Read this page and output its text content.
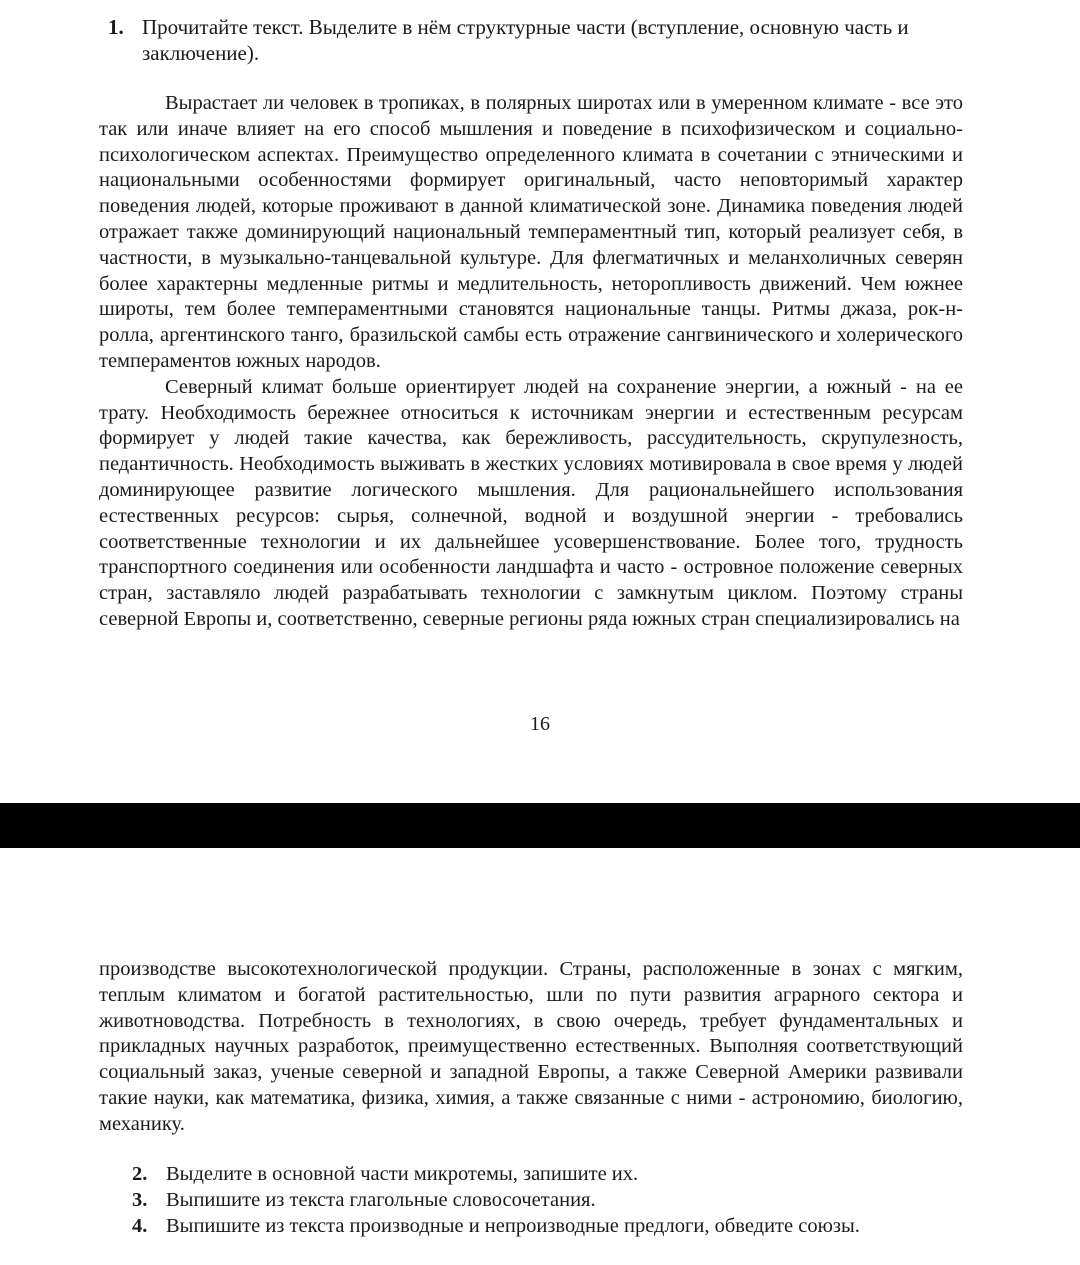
1. Прочитайте текст. Выделите в нём структурные части (вступление, основную часть и заключение).

Вырастает ли человек в тропиках, в полярных широтах или в умеренном климате - все это так или иначе влияет на его способ мышления и поведение в психофизическом и социально-психологическом аспектах. Преимущество определенного климата в сочетании с этническими и национальными особенностями формирует оригинальный, часто неповторимый характер поведения людей, которые проживают в данной климатической зоне. Динамика поведения людей отражает также доминирующий национальный темпераментный тип, который реализует себя, в частности, в музыкально-танцевальной культуре. Для флегматичных и меланхоличных северян более характерны медленные ритмы и медлительность, неторопливость движений. Чем южнее широты, тем более темпераментными становятся национальные танцы. Ритмы джаза, рок-н-ролла, аргентинского танго, бразильской самбы есть отражение сангвинического и холерического темпераментов южных народов.

Северный климат больше ориентирует людей на сохранение энергии, а южный - на ее трату. Необходимость бережнее относиться к источникам энергии и естественным ресурсам формирует у людей такие качества, как бережливость, рассудительность, скрупулезность, педантичность. Необходимость выживать в жестких условиях мотивировала в свое время у людей доминирующее развитие логического мышления. Для рациональнейшего использования естественных ресурсов: сырья, солнечной, водной и воздушной энергии - требовались соответственные технологии и их дальнейшее усовершенствование. Более того, трудность транспортного соединения или особенности ландшафта и часто - островное положение северных стран, заставляло людей разрабатывать технологии с замкнутым циклом. Поэтому страны северной Европы и, соответственно, северные регионы ряда южных стран специализировались на

16

производстве высокотехнологической продукции. Страны, расположенные в зонах с мягким, теплым климатом и богатой растительностью, шли по пути развития аграрного сектора и животноводства. Потребность в технологиях, в свою очередь, требует фундаментальных и прикладных научных разработок, преимущественно естественных. Выполняя соответствующий социальный заказ, ученые северной и западной Европы, а также Северной Америки развивали такие науки, как математика, физика, химия, а также связанные с ними - астрономию, биологию, механику.

2. Выделите в основной части микротемы, запишите их.
3. Выпишите из текста глагольные словосочетания.
4. Выпишите из текста производные и непроизводные предлоги, обведите союзы.
